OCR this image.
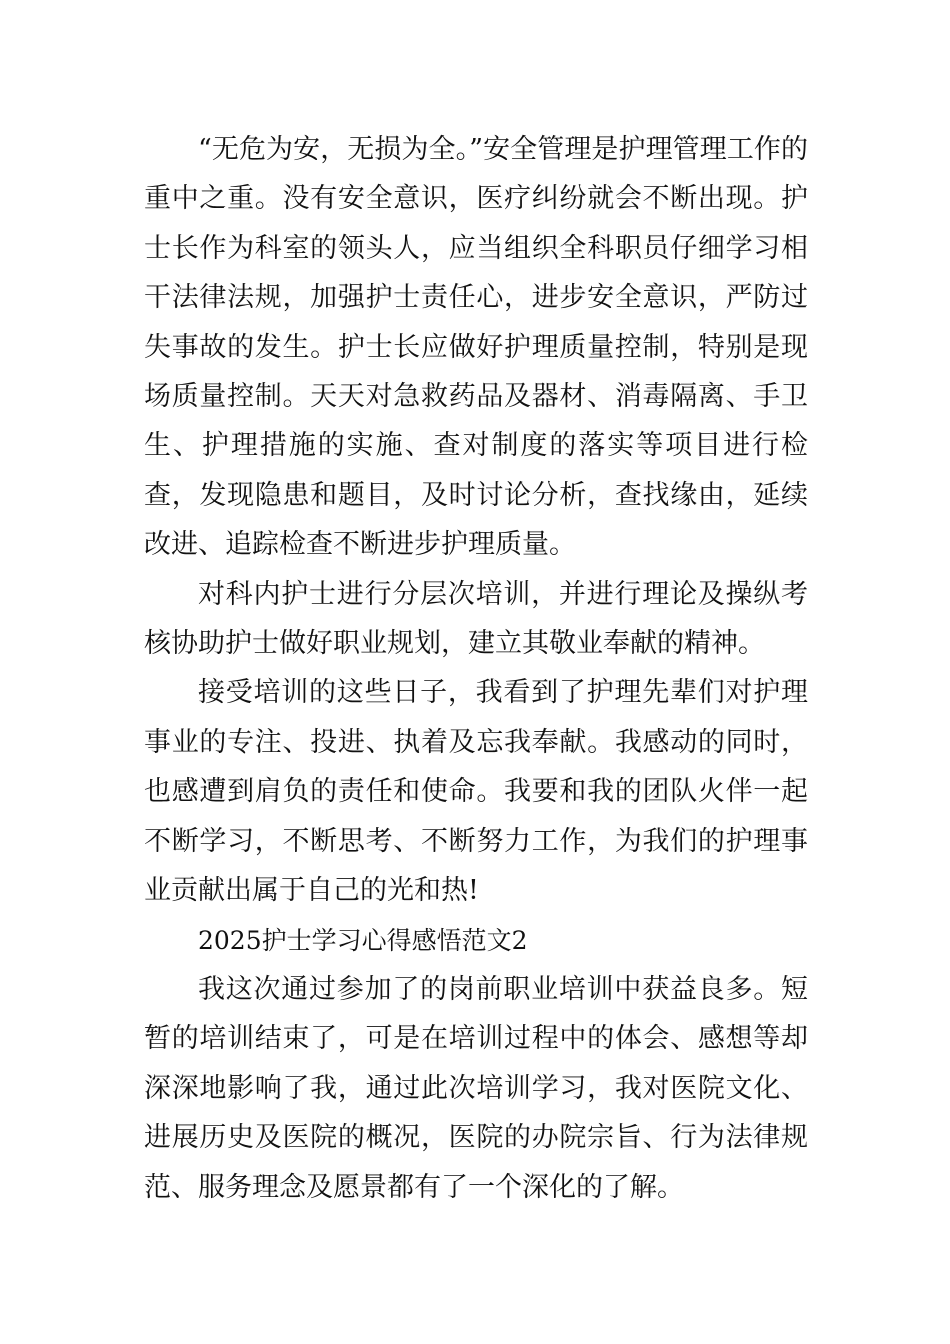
“无危为安，无损为全。”安全管理是护理管理工作的重中之重。没有安全意识，医疗纠纷就会不断出现。护士长作为科室的领头人，应当组织全科职员仔细学习相干法律法规，加强护士责任心，进步安全意识，严防过失事故的发生。护士长应做好护理质量控制，特别是现场质量控制。天天对急救药品及器材、消毒隔离、手卫生、护理措施的实施、查对制度的落实等项目进行检查，发现隐患和题目，及时讨论分析，查找缘由，延续改进、追踪检查不断进步护理质量。

对科内护士进行分层次培训，并进行理论及操纵考核协助护士做好职业规划，建立其敬业奉献的精神。

接受培训的这些日子，我看到了护理先辈们对护理事业的专注、投进、执着及忘我奉献。我感动的同时，也感遭到肩负的责任和使命。我要和我的团队火伴一起不断学习，不断思考、不断努力工作，为我们的护理事业贡献出属于自己的光和热!

2025护士学习心得感悟范文2

我这次通过参加了的岗前职业培训中获益良多。短暂的培训结束了，可是在培训过程中的体会、感想等却深深地影响了我，通过此次培训学习，我对医院文化、进展历史及医院的概况，医院的办院宗旨、行为法律规范、服务理念及愿景都有了一个深化的了解。
